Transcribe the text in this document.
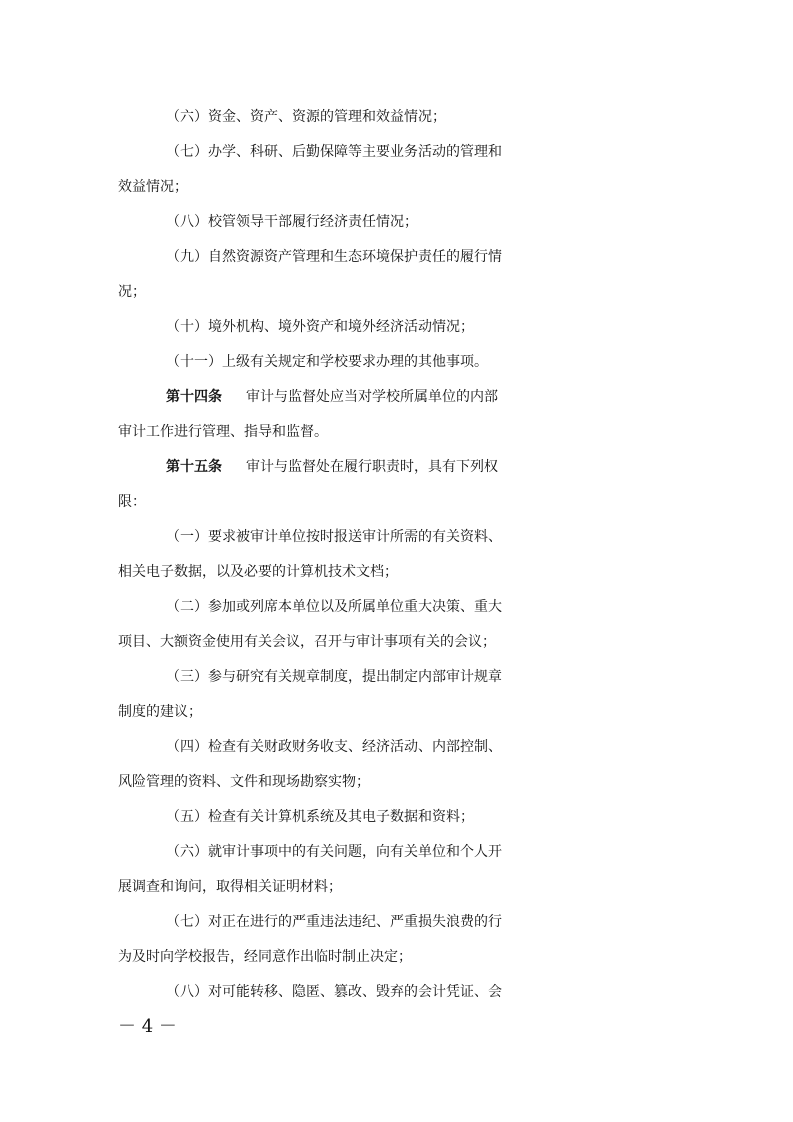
（六）资金、资产、资源的管理和效益情况；
（七）办学、科研、后勤保障等主要业务活动的管理和
效益情况；
（八）校管领导干部履行经济责任情况；
（九）自然资源资产管理和生态环境保护责任的履行情
况；
（十）境外机构、境外资产和境外经济活动情况；
（十一）上级有关规定和学校要求办理的其他事项。
第十四条 审计与监督处应当对学校所属单位的内部
审计工作进行管理、指导和监督。
第十五条 审计与监督处在履行职责时，具有下列权
限：
（一）要求被审计单位按时报送审计所需的有关资料、
相关电子数据，以及必要的计算机技术文档；
（二）参加或列席本单位以及所属单位重大决策、重大
项目、大额资金使用有关会议，召开与审计事项有关的会议；
（三）参与研究有关规章制度，提出制定内部审计规章
制度的建议；
（四）检查有关财政财务收支、经济活动、内部控制、
风险管理的资料、文件和现场勘察实物；
（五）检查有关计算机系统及其电子数据和资料；
（六）就审计事项中的有关问题，向有关单位和个人开
展调查和询问，取得相关证明材料；
（七）对正在进行的严重违法违纪、严重损失浪费的行
为及时向学校报告，经同意作出临时制止决定；
（八）对可能转移、隐匿、篡改、毁弃的会计凭证、会
－ 4 －
